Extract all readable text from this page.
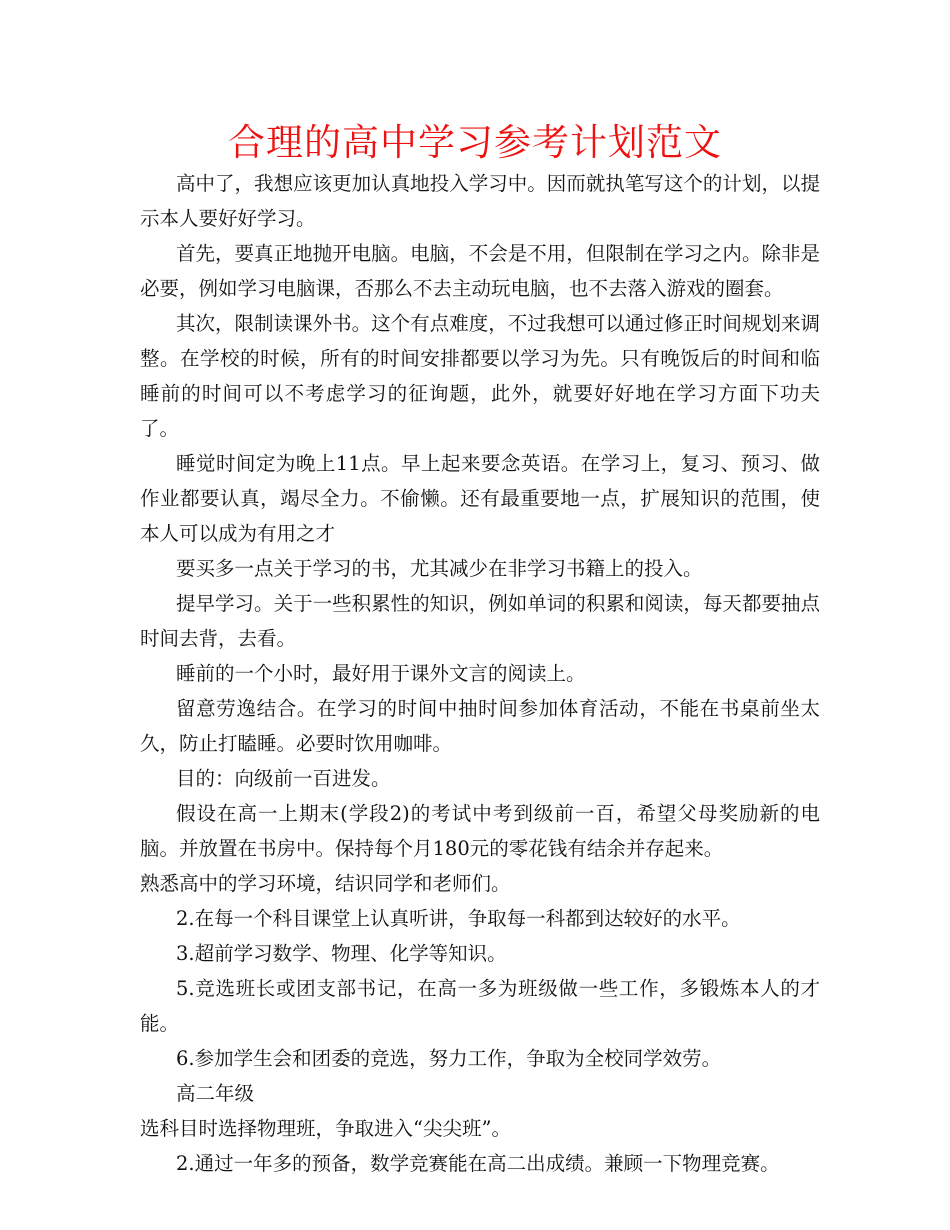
合理的高中学习参考计划范文

高中了，我想应该更加认真地投入学习中。因而就执笔写这个的计划，以提示本人要好好学习。

首先，要真正地抛开电脑。电脑，不会是不用，但限制在学习之内。除非是必要，例如学习电脑课，否那么不去主动玩电脑，也不去落入游戏的圈套。

其次，限制读课外书。这个有点难度，不过我想可以通过修正时间规划来调整。在学校的时候，所有的时间安排都要以学习为先。只有晚饭后的时间和临睡前的时间可以不考虑学习的征询题，此外，就要好好地在学习方面下功夫了。

睡觉时间定为晚上11点。早上起来要念英语。在学习上，复习、预习、做作业都要认真，竭尽全力。不偷懒。还有最重要地一点，扩展知识的范围，使本人可以成为有用之才

要买多一点关于学习的书，尤其减少在非学习书籍上的投入。

提早学习。关于一些积累性的知识，例如单词的积累和阅读，每天都要抽点时间去背，去看。

睡前的一个小时，最好用于课外文言的阅读上。

留意劳逸结合。在学习的时间中抽时间参加体育活动，不能在书桌前坐太久，防止打瞌睡。必要时饮用咖啡。

目的：向级前一百进发。

假设在高一上期末(学段2)的考试中考到级前一百，希望父母奖励新的电脑。并放置在书房中。保持每个月180元的零花钱有结余并存起来。

熟悉高中的学习环境，结识同学和老师们。

2.在每一个科目课堂上认真听讲，争取每一科都到达较好的水平。

3.超前学习数学、物理、化学等知识。

5.竞选班长或团支部书记，在高一多为班级做一些工作，多锻炼本人的才能。

6.参加学生会和团委的竞选，努力工作，争取为全校同学效劳。

高二年级

选科目时选择物理班，争取进入“尖尖班”。

2.通过一年多的预备，数学竞赛能在高二出成绩。兼顾一下物理竞赛。
